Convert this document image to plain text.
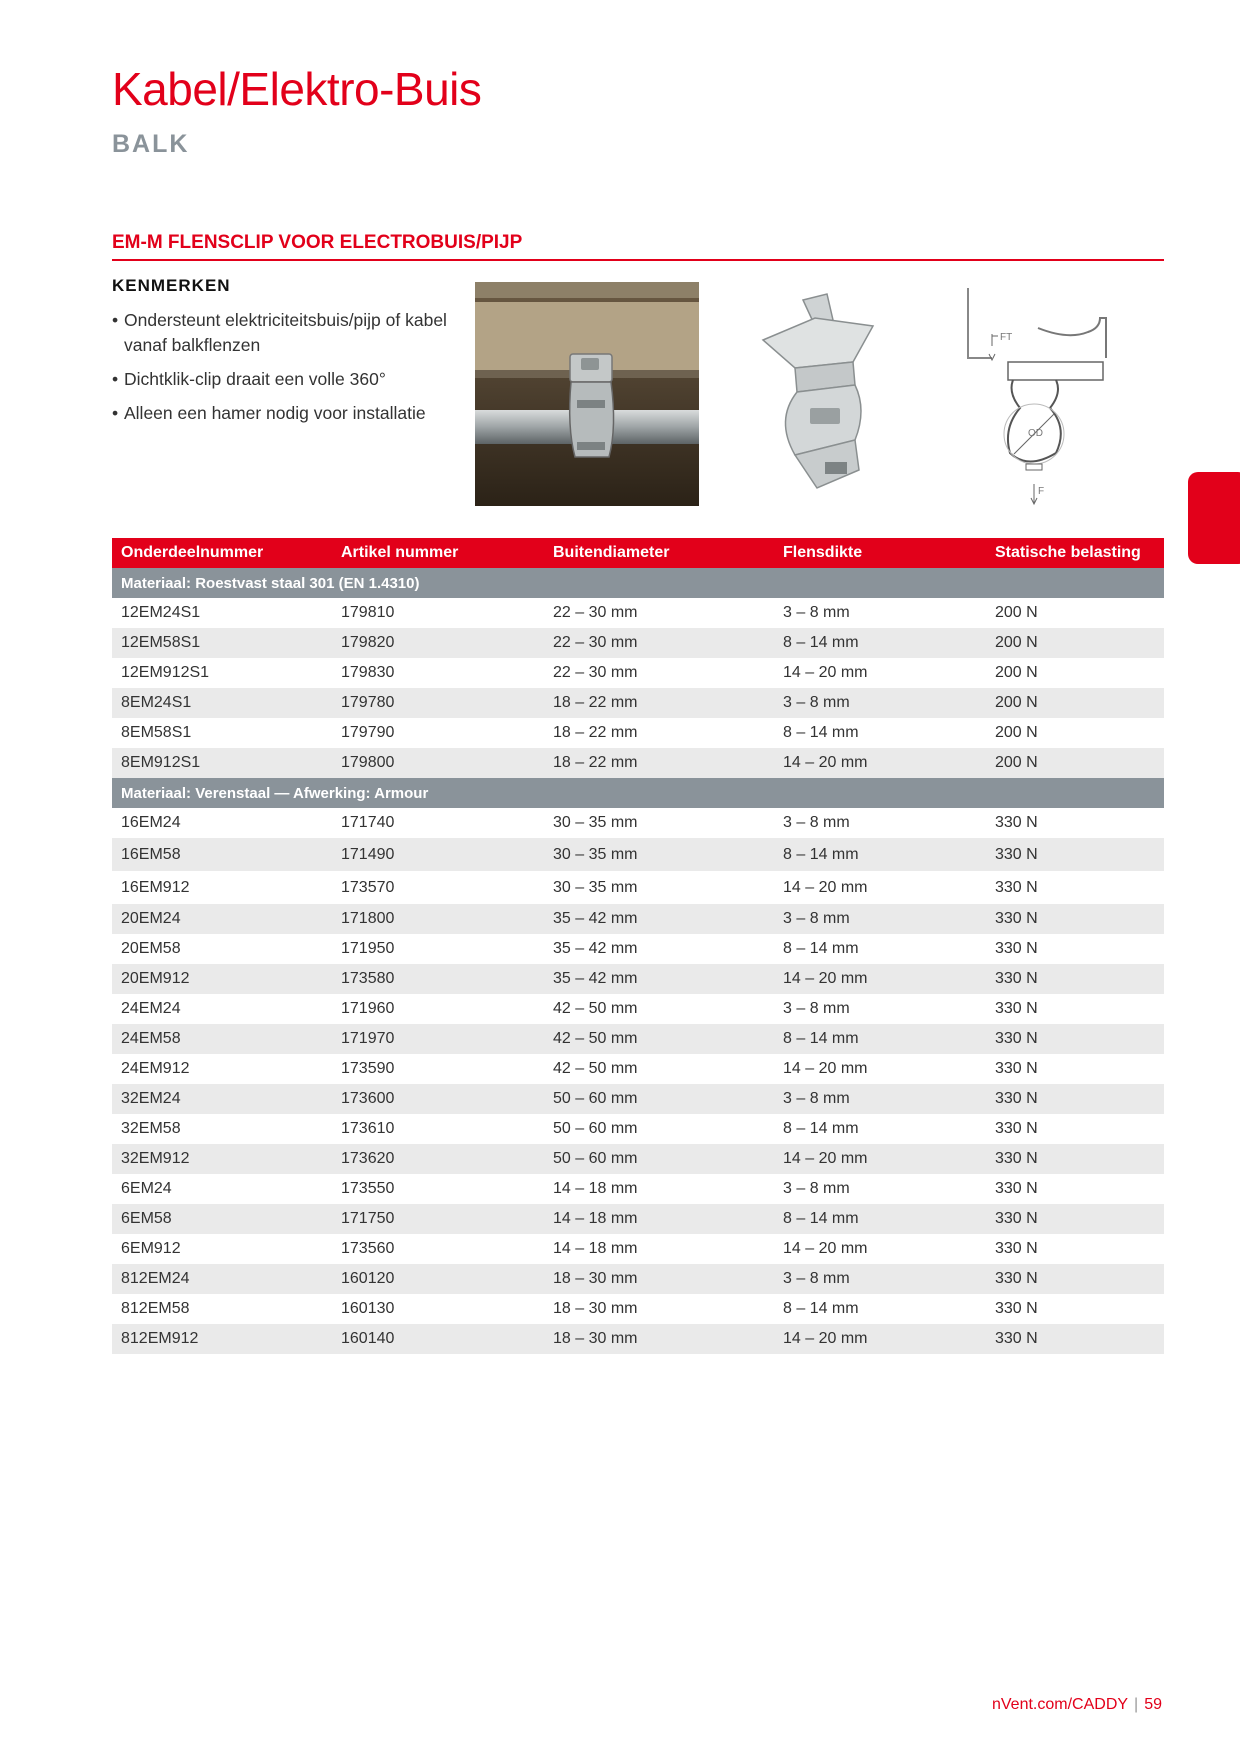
Kabel/Elektro-Buis
BALK
EM-M FLENSCLIP VOOR ELECTROBUIS/PIJP
KENMERKEN
• Ondersteunt elektriciteitsbuis/pijp of kabel vanaf balkflenzen
• Dichtklik-clip draait een volle 360°
• Alleen een hamer nodig voor installatie
FT
OD
F
Onderdeelnummer	Artikel nummer	Buitendiameter	Flensdikte	Statische belasting
Materiaal: Roestvast staal 301 (EN 1.4310)				
12EM24S1	179810	22 – 30 mm	3 – 8 mm	200 N
12EM58S1	179820	22 – 30 mm	8 – 14 mm	200 N
12EM912S1	179830	22 – 30 mm	14 – 20 mm	200 N
8EM24S1	179780	18 – 22 mm	3 – 8 mm	200 N
8EM58S1	179790	18 – 22 mm	8 – 14 mm	200 N
8EM912S1	179800	18 – 22 mm	14 – 20 mm	200 N
Materiaal: Verenstaal — Afwerking: Armour				
16EM24	171740	30 – 35 mm	3 – 8 mm	330 N
16EM58	171490	30 – 35 mm	8 – 14 mm	330 N
16EM912	173570	30 – 35 mm	14 – 20 mm	330 N
20EM24	171800	35 – 42 mm	3 – 8 mm	330 N
20EM58	171950	35 – 42 mm	8 – 14 mm	330 N
20EM912	173580	35 – 42 mm	14 – 20 mm	330 N
24EM24	171960	42 – 50 mm	3 – 8 mm	330 N
24EM58	171970	42 – 50 mm	8 – 14 mm	330 N
24EM912	173590	42 – 50 mm	14 – 20 mm	330 N
32EM24	173600	50 – 60 mm	3 – 8 mm	330 N
32EM58	173610	50 – 60 mm	8 – 14 mm	330 N
32EM912	173620	50 – 60 mm	14 – 20 mm	330 N
6EM24	173550	14 – 18 mm	3 – 8 mm	330 N
6EM58	171750	14 – 18 mm	8 – 14 mm	330 N
6EM912	173560	14 – 18 mm	14 – 20 mm	330 N
812EM24	160120	18 – 30 mm	3 – 8 mm	330 N
812EM58	160130	18 – 30 mm	8 – 14 mm	330 N
812EM912	160140	18 – 30 mm	14 – 20 mm	330 N
nVent.com/CADDY | 59
